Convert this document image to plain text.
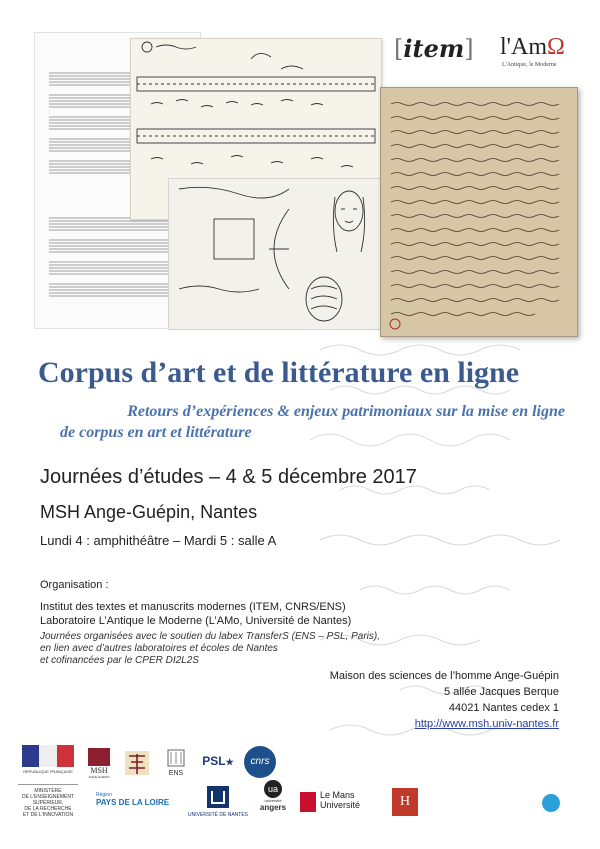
[item] l'AmΩ
L'Antique, le Moderne
Corpus d’art et de littérature en ligne
Retours d’expériences & enjeux patrimoniaux sur la mise en ligne
de corpus en art et littérature
Journées d’études – 4 & 5 décembre 2017
MSH Ange-Guépin, Nantes
Lundi 4 : amphithéâtre – Mardi 5 : salle A
Organisation :
Institut des textes et manuscrits modernes (ITEM, CNRS/ENS)
Laboratoire L’Antique le Moderne (L’AMo, Université de Nantes)
Journées organisées avec le soutien du labex TransferS (ENS – PSL, Paris),
en lien avec d’autres laboratoires et écoles de Nantes
et cofinancées par le CPER DI2L2S
Maison des sciences de l’homme Ange-Guépin
5 allée Jacques Berque
44021 Nantes cedex 1
http://www.msh.univ-nantes.fr
RÉPUBLIQUE FRANÇAISE
MINISTÈRE
DE L'ENSEIGNEMENT
SUPÉRIEUR,
DE LA RECHERCHE
ET DE L'INNOVATION
MSH
ANGE-GUÉPIN	ENS
PSL★	cnrs
Région
PAYS DE LA LOIRE
UNIVERSITÉ DE NANTES
ua
université
angers
Le Mans
Université	H
